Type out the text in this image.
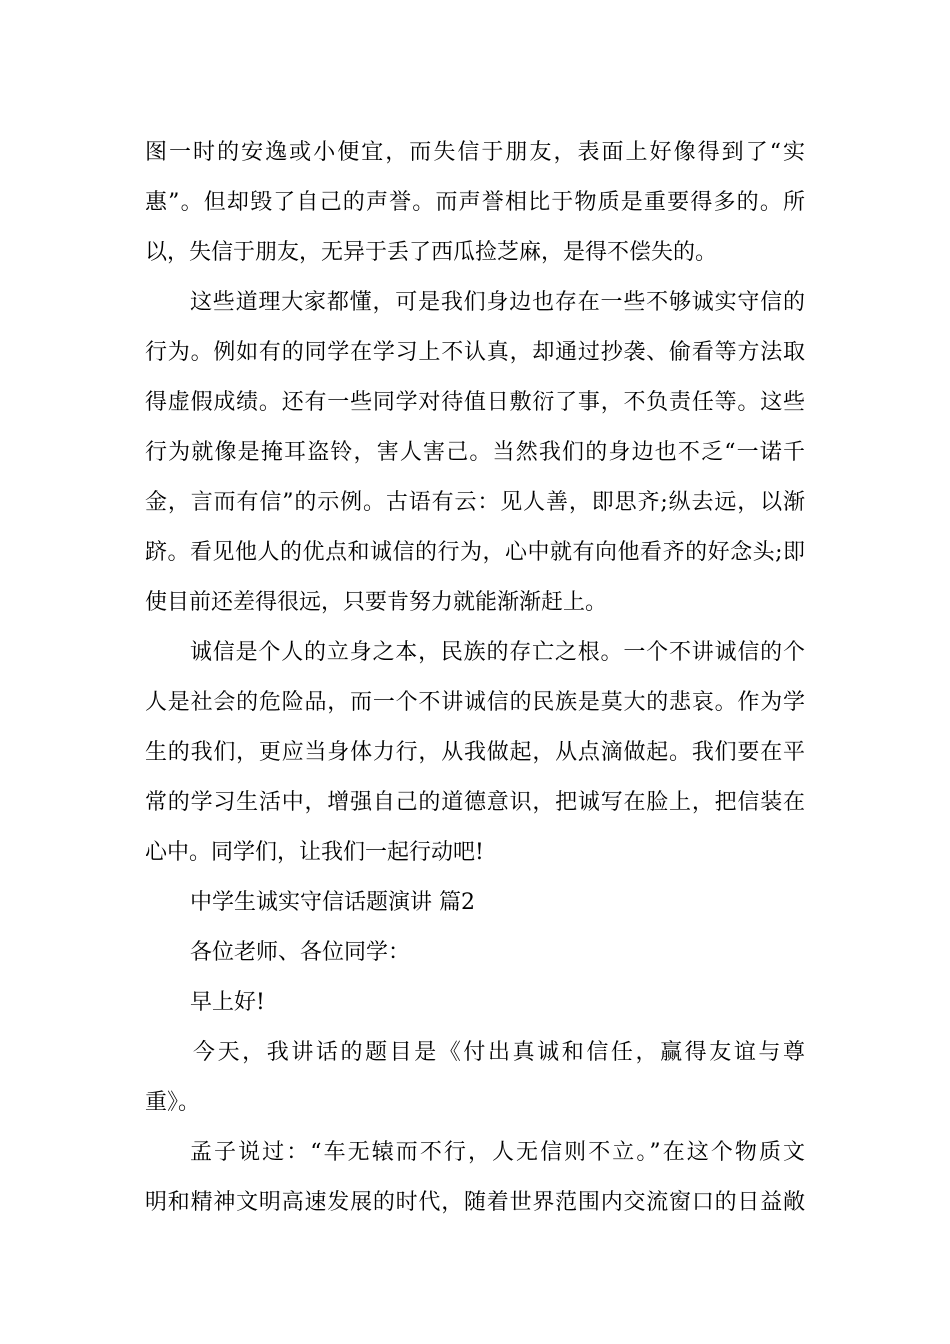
图一时的安逸或小便宜，而失信于朋友，表面上好像得到了“实
惠”。但却毁了自己的声誉。而声誉相比于物质是重要得多的。所
以，失信于朋友，无异于丢了西瓜捡芝麻，是得不偿失的。
这些道理大家都懂，可是我们身边也存在一些不够诚实守信的
行为。例如有的同学在学习上不认真，却通过抄袭、偷看等方法取
得虚假成绩。还有一些同学对待值日敷衍了事，不负责任等。这些
行为就像是掩耳盗铃，害人害己。当然我们的身边也不乏“一诺千
金，言而有信”的示例。古语有云：见人善，即思齐;纵去远，以渐
跻。看见他人的优点和诚信的行为，心中就有向他看齐的好念头;即
使目前还差得很远，只要肯努力就能渐渐赶上。
诚信是个人的立身之本，民族的存亡之根。一个不讲诚信的个
人是社会的危险品，而一个不讲诚信的民族是莫大的悲哀。作为学
生的我们，更应当身体力行，从我做起，从点滴做起。我们要在平
常的学习生活中，增强自己的道德意识，把诚写在脸上，把信装在
心中。同学们，让我们一起行动吧!
中学生诚实守信话题演讲 篇2
各位老师、各位同学：
早上好!
今天，我讲话的题目是《付出真诚和信任，赢得友谊与尊
重》。
孟子说过：“车无辕而不行，人无信则不立。”在这个物质文
明和精神文明高速发展的时代，随着世界范围内交流窗口的日益敞
